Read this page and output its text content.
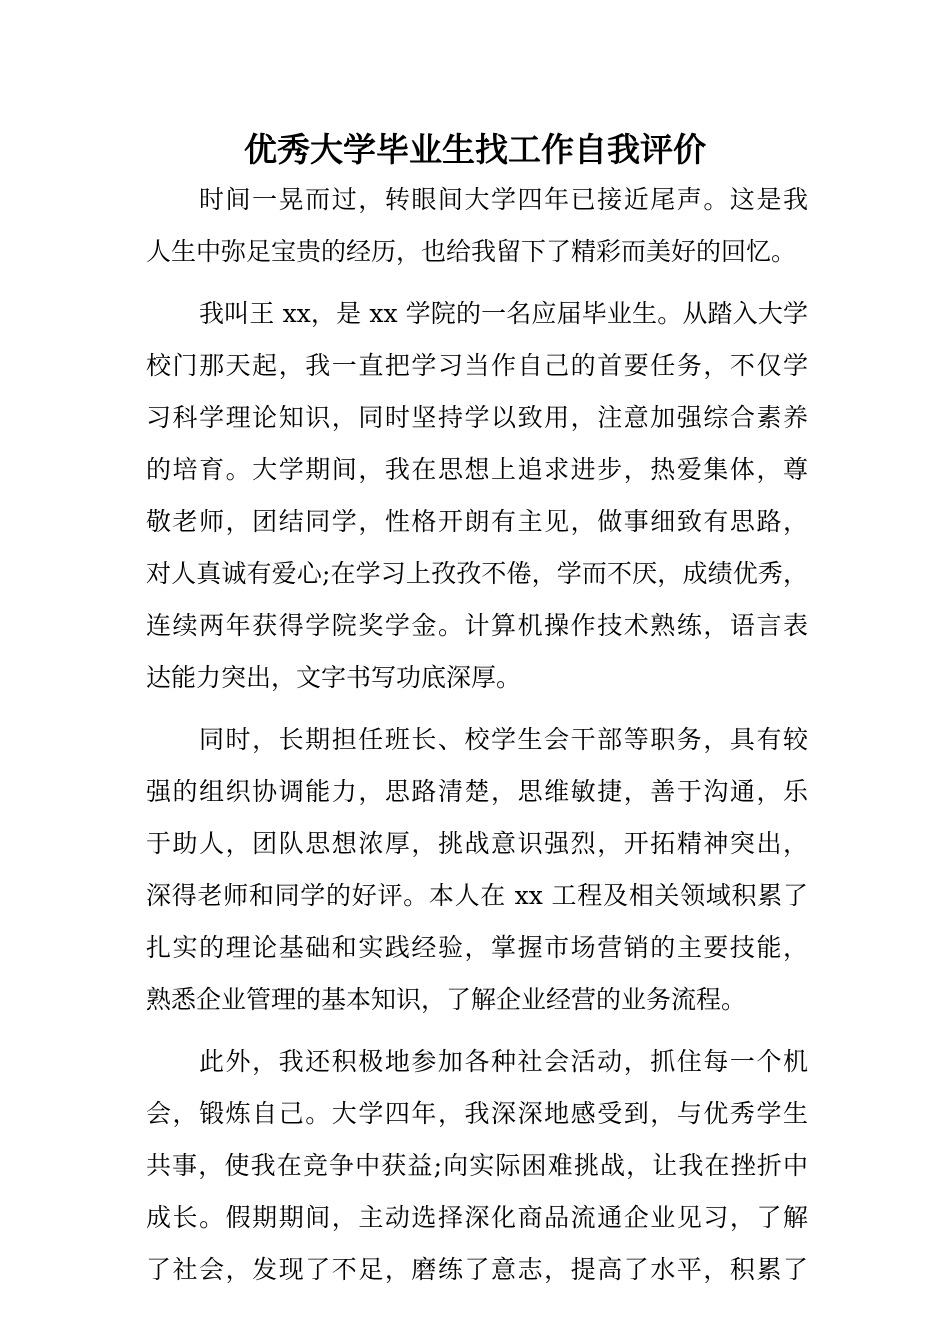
优秀大学毕业生找工作自我评价
时间一晃而过，转眼间大学四年已接近尾声。这是我
人生中弥足宝贵的经历，也给我留下了精彩而美好的回忆。
我叫王 xx，是 xx 学院的一名应届毕业生。从踏入大学
校门那天起，我一直把学习当作自己的首要任务，不仅学
习科学理论知识，同时坚持学以致用，注意加强综合素养
的培育。大学期间，我在思想上追求进步，热爱集体，尊
敬老师，团结同学，性格开朗有主见，做事细致有思路，
对人真诚有爱心;在学习上孜孜不倦，学而不厌，成绩优秀，
连续两年获得学院奖学金。计算机操作技术熟练，语言表
达能力突出，文字书写功底深厚。
同时，长期担任班长、校学生会干部等职务，具有较
强的组织协调能力，思路清楚，思维敏捷，善于沟通，乐
于助人，团队思想浓厚，挑战意识强烈，开拓精神突出，
深得老师和同学的好评。本人在 xx 工程及相关领域积累了
扎实的理论基础和实践经验，掌握市场营销的主要技能，
熟悉企业管理的基本知识，了解企业经营的业务流程。
此外，我还积极地参加各种社会活动，抓住每一个机
会，锻炼自己。大学四年，我深深地感受到，与优秀学生
共事，使我在竞争中获益;向实际困难挑战，让我在挫折中
成长。假期期间，主动选择深化商品流通企业见习，了解
了社会，发现了不足，磨练了意志，提高了水平，积累了
